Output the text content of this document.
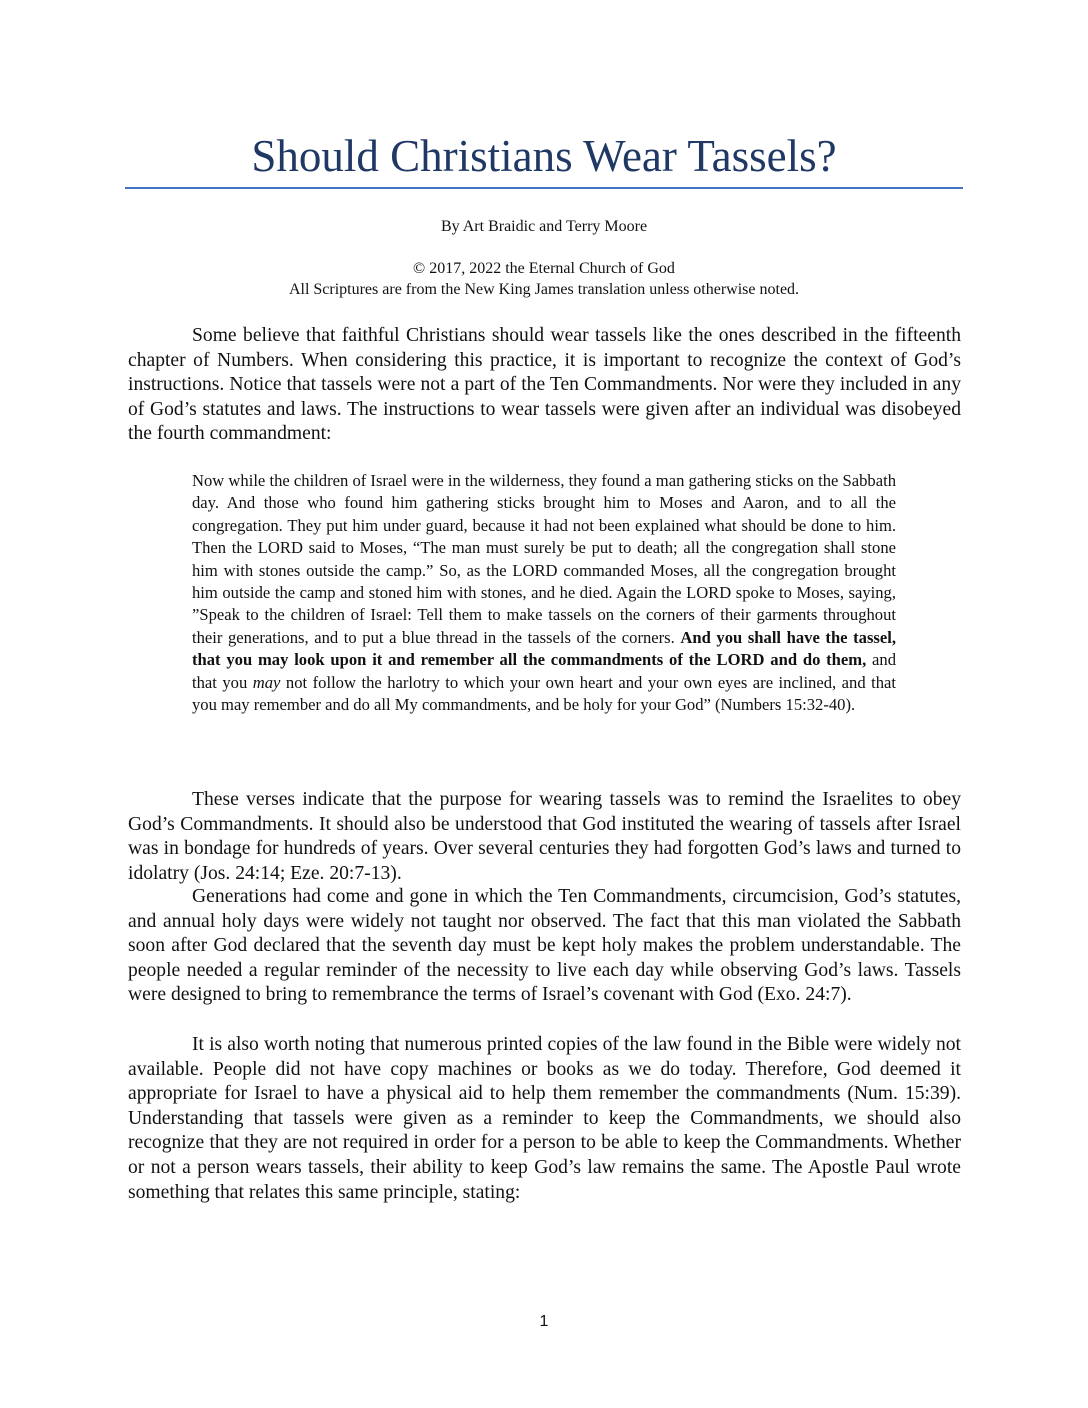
Should Christians Wear Tassels?
By Art Braidic and Terry Moore
© 2017, 2022 the Eternal Church of God
All Scriptures are from the New King James translation unless otherwise noted.

Some believe that faithful Christians should wear tassels like the ones described in the fifteenth chapter of Numbers. When considering this practice, it is important to recognize the context of God’s instructions. Notice that tassels were not a part of the Ten Commandments. Nor were they included in any of God’s statutes and laws. The instructions to wear tassels were given after an individual was disobeyed the fourth commandment:

Now while the children of Israel were in the wilderness, they found a man gathering sticks on the Sabbath day. And those who found him gathering sticks brought him to Moses and Aaron, and to all the congregation. They put him under guard, because it had not been explained what should be done to him. Then the LORD said to Moses, “The man must surely be put to death; all the congregation shall stone him with stones outside the camp.” So, as the LORD commanded Moses, all the congregation brought him outside the camp and stoned him with stones, and he died. Again the LORD spoke to Moses, saying, ”Speak to the children of Israel: Tell them to make tassels on the corners of their garments throughout their generations, and to put a blue thread in the tassels of the corners. And you shall have the tassel, that you may look upon it and remember all the commandments of the LORD and do them, and that you may not follow the harlotry to which your own heart and your own eyes are inclined, and that you may remember and do all My commandments, and be holy for your God” (Numbers 15:32-40).

These verses indicate that the purpose for wearing tassels was to remind the Israelites to obey God’s Commandments. It should also be understood that God instituted the wearing of tassels after Israel was in bondage for hundreds of years. Over several centuries they had forgotten God’s laws and turned to idolatry (Jos. 24:14; Eze. 20:7-13).

Generations had come and gone in which the Ten Commandments, circumcision, God’s statutes, and annual holy days were widely not taught nor observed. The fact that this man violated the Sabbath soon after God declared that the seventh day must be kept holy makes the problem understandable. The people needed a regular reminder of the necessity to live each day while observing God’s laws. Tassels were designed to bring to remembrance the terms of Israel’s covenant with God (Exo. 24:7).

It is also worth noting that numerous printed copies of the law found in the Bible were widely not available. People did not have copy machines or books as we do today. Therefore, God deemed it appropriate for Israel to have a physical aid to help them remember the commandments (Num. 15:39). Understanding that tassels were given as a reminder to keep the Commandments, we should also recognize that they are not required in order for a person to be able to keep the Commandments. Whether or not a person wears tassels, their ability to keep God’s law remains the same. The Apostle Paul wrote something that relates this same principle, stating:

1
